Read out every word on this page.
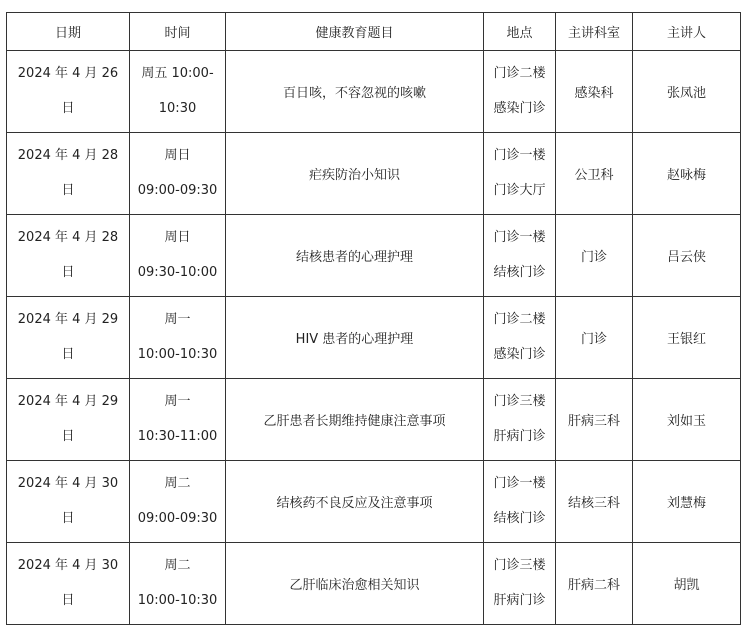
日期	时间	健康教育题目	地点	主讲科室	主讲人

2024 年 4 月 26
日	周五 10:00-
10:30	百日咳，不容忽视的咳嗽	门诊二楼
感染门诊	感染科	张凤池

2024 年 4 月 28
日	周日
09:00-09:30	疟疾防治小知识	门诊一楼
门诊大厅	公卫科	赵咏梅

2024 年 4 月 28
日	周日
09:30-10:00	结核患者的心理护理	门诊一楼
结核门诊	门诊	吕云侠

2024 年 4 月 29
日	周一
10:00-10:30	HIV 患者的心理护理	门诊二楼
感染门诊	门诊	王银红

2024 年 4 月 29
日	周一
10:30-11:00	乙肝患者长期维持健康注意事项	门诊三楼
肝病门诊	肝病三科	刘如玉

2024 年 4 月 30
日	周二
09:00-09:30	结核药不良反应及注意事项	门诊一楼
结核门诊	结核三科	刘慧梅

2024 年 4 月 30
日	周二
10:00-10:30	乙肝临床治愈相关知识	门诊三楼
肝病门诊	肝病二科	胡凯
